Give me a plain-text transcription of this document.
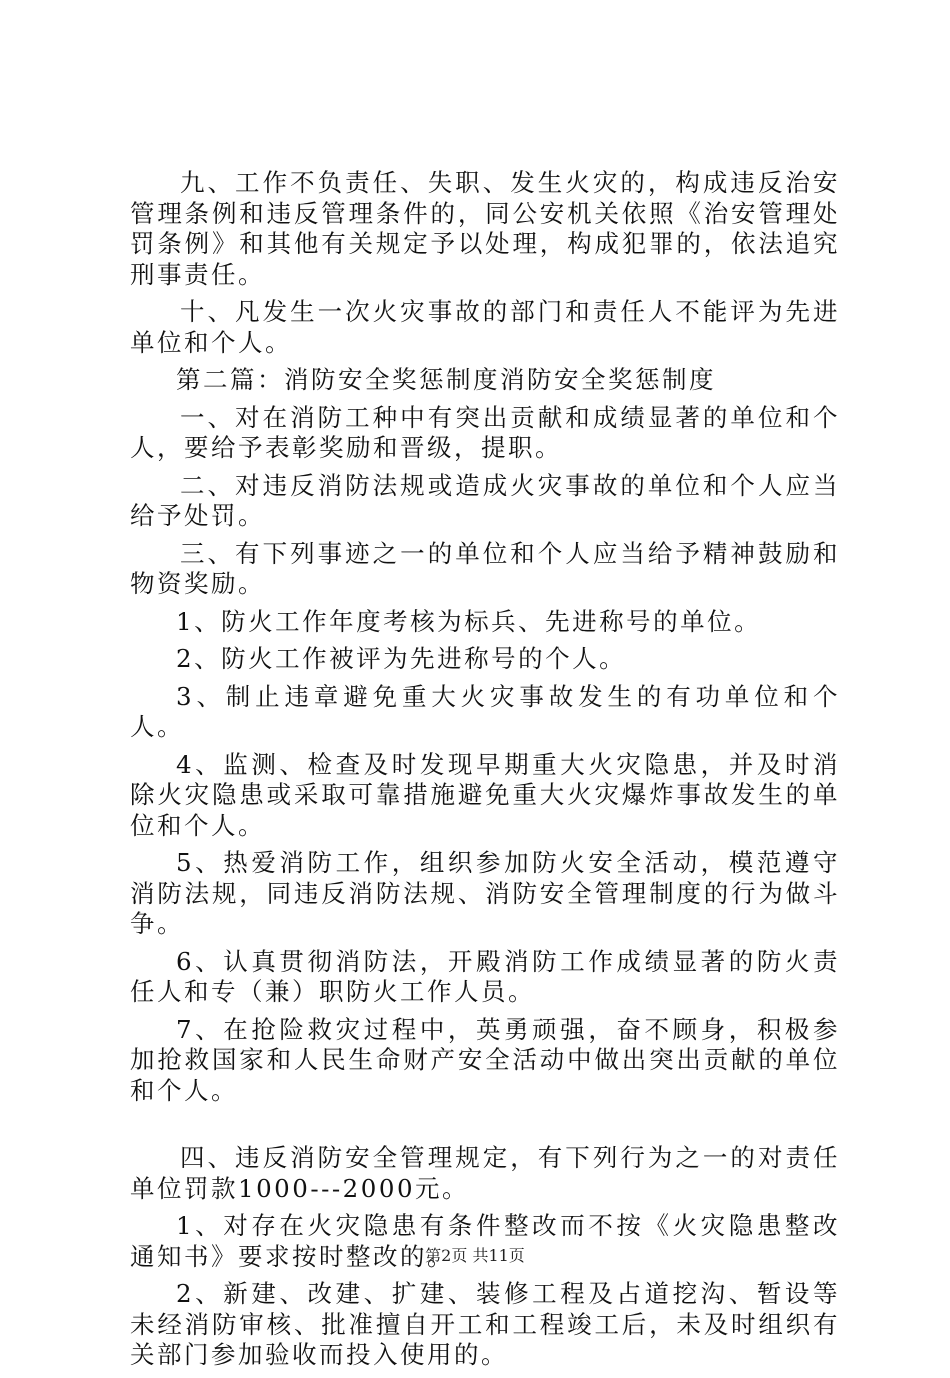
九、工作不负责任、失职、发生火灾的，构成违反治安管理条例和违反管理条件的，同公安机关依照《治安管理处罚条例》和其他有关规定予以处理，构成犯罪的，依法追究刑事责任。

十、凡发生一次火灾事故的部门和责任人不能评为先进单位和个人。

第二篇：消防安全奖惩制度消防安全奖惩制度

一、对在消防工种中有突出贡献和成绩显著的单位和个人，要给予表彰奖励和晋级，提职。

二、对违反消防法规或造成火灾事故的单位和个人应当给予处罚。

三、有下列事迹之一的单位和个人应当给予精神鼓励和物资奖励。

1、防火工作年度考核为标兵、先进称号的单位。

2、防火工作被评为先进称号的个人。

3、制止违章避免重大火灾事故发生的有功单位和个人。

4、监测、检查及时发现早期重大火灾隐患，并及时消除火灾隐患或采取可靠措施避免重大火灾爆炸事故发生的单位和个人。

5、热爱消防工作，组织参加防火安全活动，模范遵守消防法规，同违反消防法规、消防安全管理制度的行为做斗争。

6、认真贯彻消防法，开殿消防工作成绩显著的防火责任人和专（兼）职防火工作人员。

7、在抢险救灾过程中，英勇顽强，奋不顾身，积极参加抢救国家和人民生命财产安全活动中做出突出贡献的单位和个人。

四、违反消防安全管理规定，有下列行为之一的对责任单位罚款1000---2000元。

1、对存在火灾隐患有条件整改而不按《火灾隐患整改通知书》要求按时整改的。

2、新建、改建、扩建、装修工程及占道挖沟、暂设等未经消防审核、批准擅自开工和工程竣工后，未及时组织有关部门参加验收而投入使用的。

第2页 共11页
